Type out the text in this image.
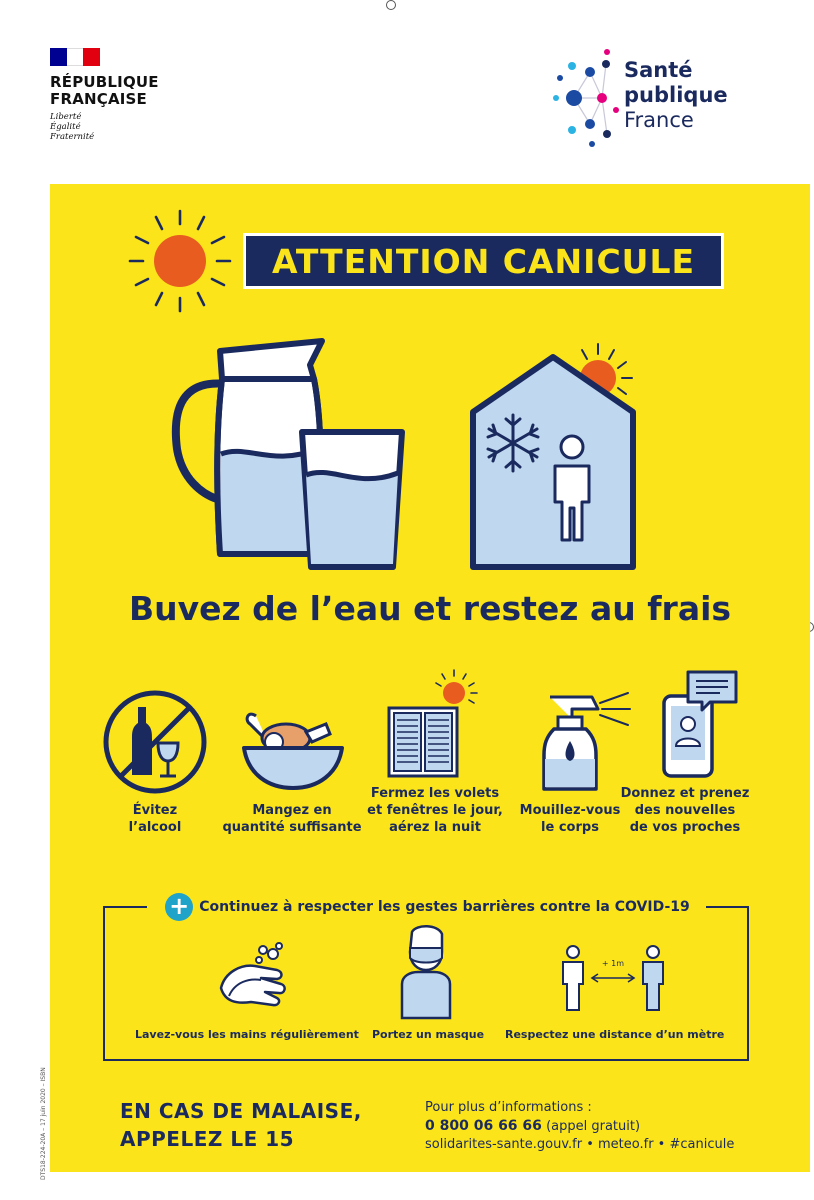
RÉPUBLIQUE
FRANÇAISE
Liberté
Égalité
Fraternité
Santé
publique
France
ATTENTION CANICULE
Buvez de l’eau et restez au frais
Évitez
l’alcool
Mangez en
quantité suffisante
Fermez les volets
et fenêtres le jour,
aérez la nuit
Mouillez-vous
le corps
Donnez et prenez
des nouvelles
de vos proches
+ Continuez à respecter les gestes barrières contre la COVID-19
+ 1m
Lavez-vous les mains régulièrement Portez un masque Respectez une distance d’un mètre
EN CAS DE MALAISE,
APPELEZ LE 15
Pour plus d’informations :
0 800 06 66 66 (appel gratuit)
solidarites-sante.gouv.fr • meteo.fr • #canicule
DTS18-224-20A – 17 juin 2020 – ISBN
